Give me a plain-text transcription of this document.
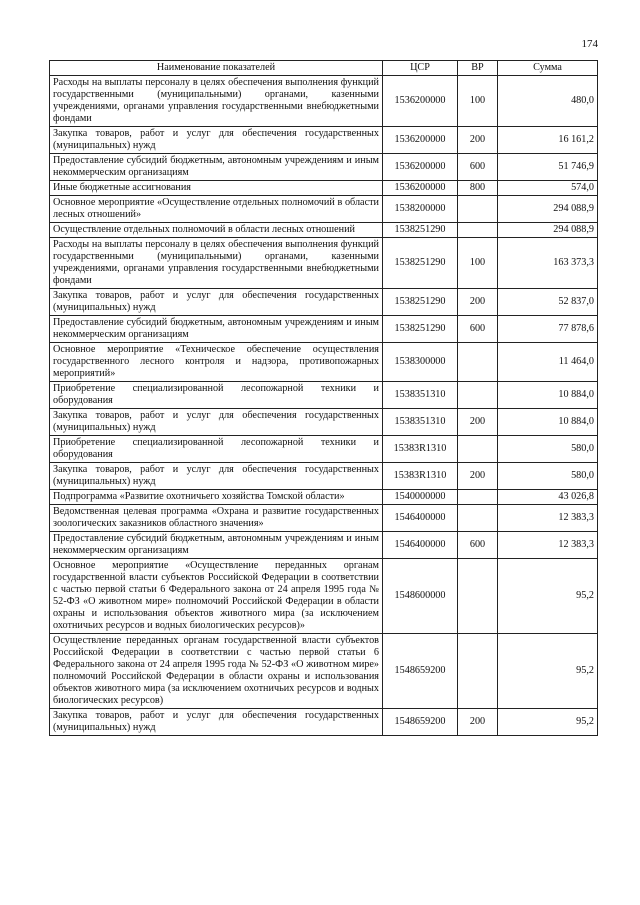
174
Наименование показателей	ЦСР	ВР	Сумма
Расходы на выплаты персоналу в целях обеспечения выполнения функций государственными (муниципальными) органами, казенными учреждениями, органами управления государственными внебюджетными фондами	1536200000	100	480,0
Закупка товаров, работ и услуг для обеспечения государственных (муниципальных) нужд	1536200000	200	16 161,2
Предоставление субсидий бюджетным, автономным учреждениям и иным некоммерческим организациям	1536200000	600	51 746,9
Иные бюджетные ассигнования	1536200000	800	574,0
Основное мероприятие «Осуществление отдельных полномочий в области лесных отношений»	1538200000		294 088,9
Осуществление отдельных полномочий в области лесных отношений	1538251290		294 088,9
Расходы на выплаты персоналу в целях обеспечения выполнения функций государственными (муниципальными) органами, казенными учреждениями, органами управления государственными внебюджетными фондами	1538251290	100	163 373,3
Закупка товаров, работ и услуг для обеспечения государственных (муниципальных) нужд	1538251290	200	52 837,0
Предоставление субсидий бюджетным, автономным учреждениям и иным некоммерческим организациям	1538251290	600	77 878,6
Основное мероприятие «Техническое обеспечение осуществления государственного лесного контроля и надзора, противопожарных мероприятий»	1538300000		11 464,0
Приобретение специализированной лесопожарной техники и оборудования	1538351310		10 884,0
Закупка товаров, работ и услуг для обеспечения государственных (муниципальных) нужд	1538351310	200	10 884,0
Приобретение специализированной лесопожарной техники и оборудования	15383R1310		580,0
Закупка товаров, работ и услуг для обеспечения государственных (муниципальных) нужд	15383R1310	200	580,0
Подпрограмма «Развитие охотничьего хозяйства Томской области»	1540000000		43 026,8
Ведомственная целевая программа «Охрана и развитие государственных зоологических заказников областного значения»	1546400000		12 383,3
Предоставление субсидий бюджетным, автономным учреждениям и иным некоммерческим организациям	1546400000	600	12 383,3
Основное мероприятие «Осуществление переданных органам государственной власти субъектов Российской Федерации в соответствии с частью первой статьи 6 Федерального закона от 24 апреля 1995 года № 52-ФЗ «О животном мире» полномочий Российской Федерации в области охраны и использования объектов животного мира (за исключением охотничьих ресурсов и водных биологических ресурсов)»	1548600000		95,2
Осуществление переданных органам государственной власти субъектов Российской Федерации в соответствии с частью первой статьи 6 Федерального закона от 24 апреля 1995 года № 52-ФЗ «О животном мире» полномочий Российской Федерации в области охраны и использования объектов животного мира (за исключением охотничьих ресурсов и водных биологических ресурсов)	1548659200		95,2
Закупка товаров, работ и услуг для обеспечения государственных (муниципальных) нужд	1548659200	200	95,2
